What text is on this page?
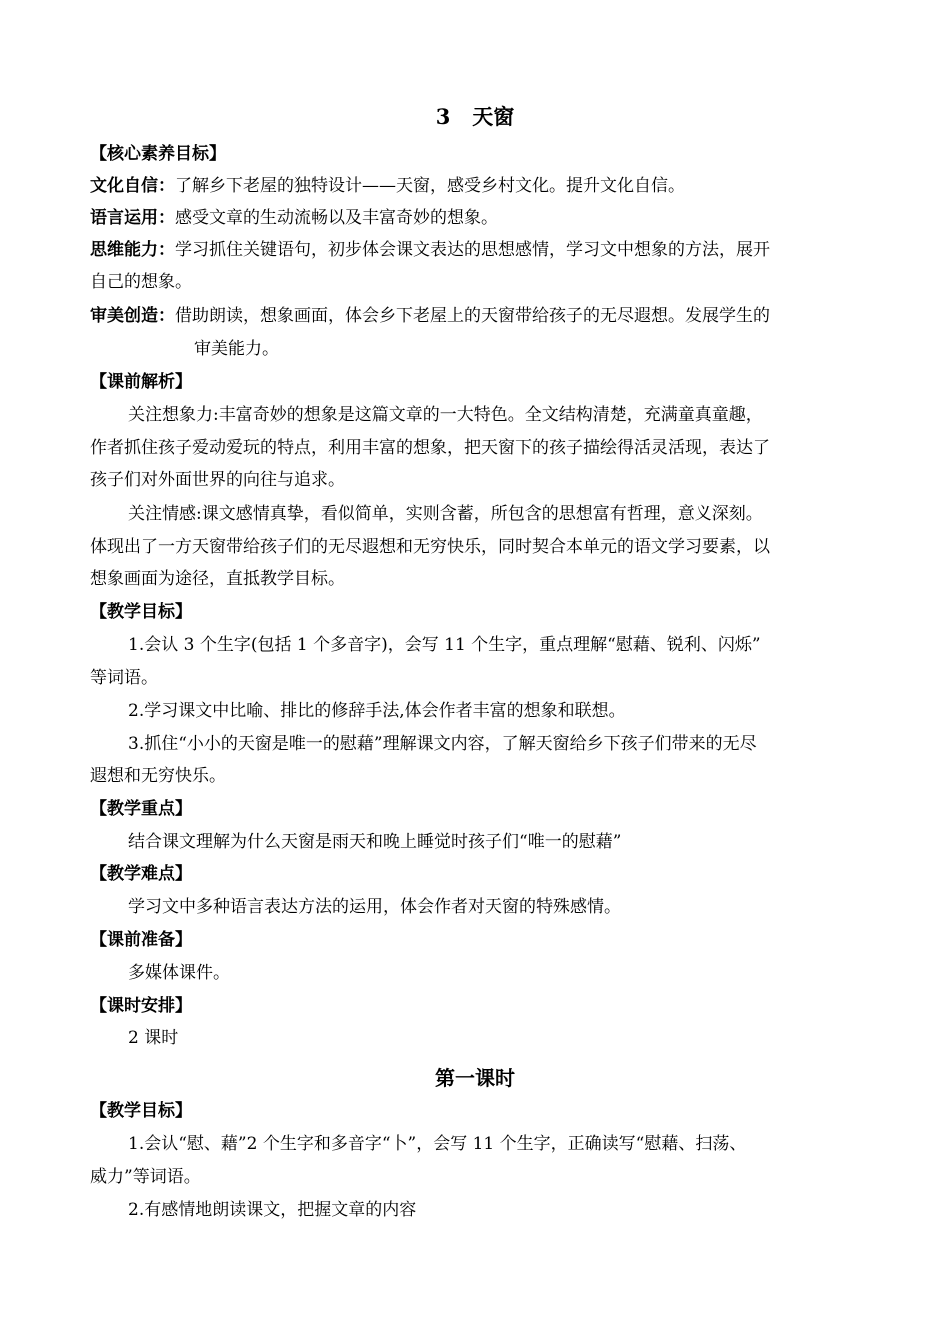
3   天窗
【核心素养目标】
文化自信：了解乡下老屋的独特设计——天窗，感受乡村文化。提升文化自信。
语言运用：感受文章的生动流畅以及丰富奇妙的想象。
思维能力：学习抓住关键语句，初步体会课文表达的思想感情，学习文中想象的方法，展开
自己的想象。
审美创造：借助朗读，想象画面，体会乡下老屋上的天窗带给孩子的无尽遐想。发展学生的
审美能力。
【课前解析】
关注想象力:丰富奇妙的想象是这篇文章的一大特色。全文结构清楚，充满童真童趣，
作者抓住孩子爱动爱玩的特点，利用丰富的想象，把天窗下的孩子描绘得活灵活现，表达了
孩子们对外面世界的向往与追求。
关注情感:课文感情真挚，看似简单，实则含蓄，所包含的思想富有哲理，意义深刻。
体现出了一方天窗带给孩子们的无尽遐想和无穷快乐，同时契合本单元的语文学习要素，以
想象画面为途径，直抵教学目标。
【教学目标】
1.会认 3 个生字(包括 1 个多音字)，会写 11 个生字，重点理解“慰藉、锐利、闪烁”
等词语。
2.学习课文中比喻、排比的修辞手法,体会作者丰富的想象和联想。
3.抓住“小小的天窗是唯一的慰藉”理解课文内容，了解天窗给乡下孩子们带来的无尽
遐想和无穷快乐。
【教学重点】
结合课文理解为什么天窗是雨天和晚上睡觉时孩子们“唯一的慰藉”
【教学难点】
学习文中多种语言表达方法的运用，体会作者对天窗的特殊感情。
【课前准备】
多媒体课件。
【课时安排】
2 课时
第一课时
【教学目标】
1.会认“慰、藉”2 个生字和多音字“卜”，会写 11 个生字，正确读写“慰藉、扫荡、
威力”等词语。
2.有感情地朗读课文，把握文章的内容
